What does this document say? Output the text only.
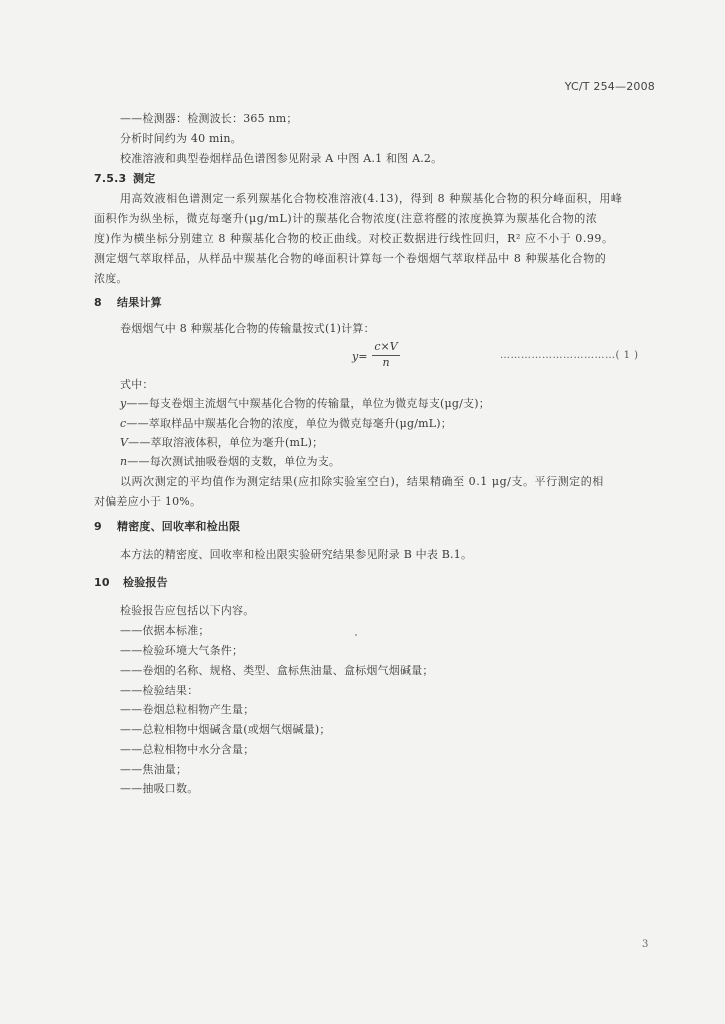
YC/T 254—2008
——检测器：检测波长：365 nm；
分析时间约为 40 min。
校准溶液和典型卷烟样品色谱图参见附录 A 中图 A.1 和图 A.2。
7.5.3 测定
用高效液相色谱测定一系列羰基化合物校准溶液(4.13)，得到 8 种羰基化合物的积分峰面积，用峰
面积作为纵坐标，微克每毫升(μg/mL)计的羰基化合物浓度(注意将醛的浓度换算为羰基化合物的浓
度)作为横坐标分别建立 8 种羰基化合物的校正曲线。对校正数据进行线性回归，R² 应不小于 0.99。
测定烟气萃取样品，从样品中羰基化合物的峰面积计算每一个卷烟烟气萃取样品中 8 种羰基化合物的
浓度。
8 结果计算
卷烟烟气中 8 种羰基化合物的传输量按式(1)计算：
y=
c×V
n
……………………………( 1 )
式中：
y——每支卷烟主流烟气中羰基化合物的传输量，单位为微克每支(μg/支)；
c——萃取样品中羰基化合物的浓度，单位为微克每毫升(μg/mL)；
V——萃取溶液体积，单位为毫升(mL)；
n——每次测试抽吸卷烟的支数，单位为支。
以两次测定的平均值作为测定结果(应扣除实验室空白)，结果精确至 0.1 μg/支。平行测定的相
对偏差应小于 10%。
9 精密度、回收率和检出限
本方法的精密度、回收率和检出限实验研究结果参见附录 B 中表 B.1。
10 检验报告
检验报告应包括以下内容。
——依据本标准；
——检验环境大气条件；
——卷烟的名称、规格、类型、盒标焦油量、盒标烟气烟碱量；
——检验结果：
——卷烟总粒相物产生量；
——总粒相物中烟碱含量(或烟气烟碱量)；
——总粒相物中水分含量；
——焦油量；
——抽吸口数。
3
